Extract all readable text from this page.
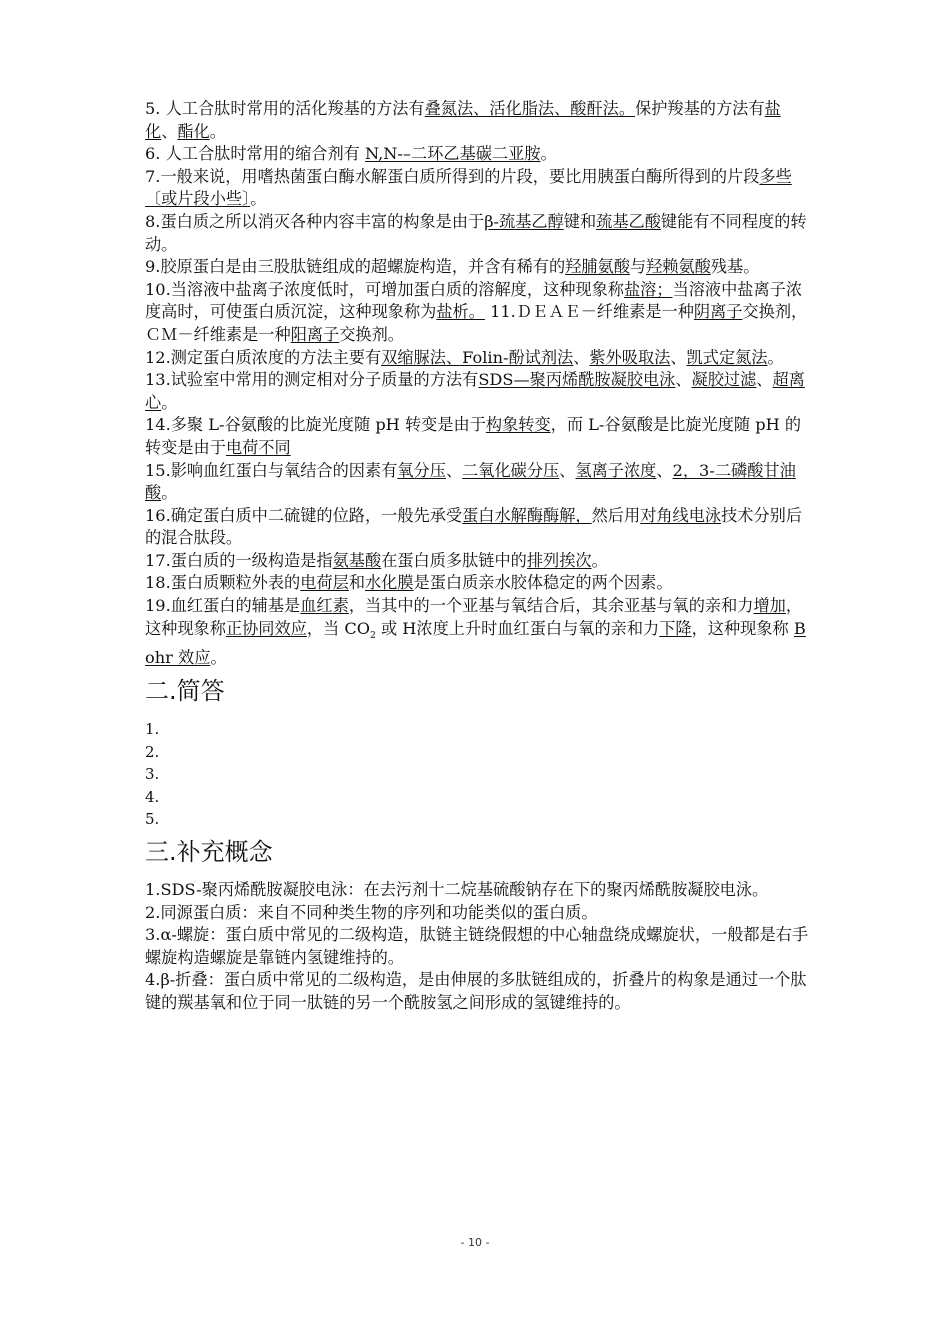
5. 人工合肽时常用的活化羧基的方法有叠氮法、活化脂法、酸酐法。保护羧基的方法有盐化、酯化。

6. 人工合肽时常用的缩合剂有 N,N-–二环乙基碳二亚胺。

7.一般来说，用嗜热菌蛋白酶水解蛋白质所得到的片段，要比用胰蛋白酶所得到的片段多些〔或片段小些〕。

8.蛋白质之所以消灭各种内容丰富的构象是由于β-巯基乙醇键和巯基乙酸键能有不同程度的转动。

9.胶原蛋白是由三股肽链组成的超螺旋构造，并含有稀有的羟脯氨酸与羟赖氨酸残基。

10.当溶液中盐离子浓度低时，可增加蛋白质的溶解度，这种现象称盐溶；当溶液中盐离子浓度高时，可使蛋白质沉淀，这种现象称为盐析。 11.ＤＥＡＥ－纤维素是一种阴离子交换剂，ＣＭ－纤维素是一种阳离子交换剂。

12.测定蛋白质浓度的方法主要有双缩脲法、Folin-酚试剂法、紫外吸取法、凯式定氮法。

13.试验室中常用的测定相对分子质量的方法有SDS—聚丙烯酰胺凝胶电泳、凝胶过滤、超离心。

14.多聚 L-谷氨酸的比旋光度随 pH 转变是由于构象转变，而 L-谷氨酸是比旋光度随 pH 的转变是由于电荷不同

15.影响血红蛋白与氧结合的因素有氧分压、二氧化碳分压、氢离子浓度、2，3-二磷酸甘油酸。

16.确定蛋白质中二硫键的位路，一般先承受蛋白水解酶酶解，然后用对角线电泳技术分别后的混合肽段。

17.蛋白质的一级构造是指氨基酸在蛋白质多肽链中的排列挨次。

18.蛋白质颗粒外表的电荷层和水化膜是蛋白质亲水胶体稳定的两个因素。

19.血红蛋白的辅基是血红素，当其中的一个亚基与氧结合后，其余亚基与氧的亲和力增加，这种现象称正协同效应，当 $CO_2$ 或 H浓度上升时血红蛋白与氧的亲和力下降，这种现象称 Bohr 效应。

二.简答

1.

2.

3.

4.

5.

三.补充概念

1.SDS-聚丙烯酰胺凝胶电泳：在去污剂十二烷基硫酸钠存在下的聚丙烯酰胺凝胶电泳。

2.同源蛋白质：来自不同种类生物的序列和功能类似的蛋白质。

3.α-螺旋：蛋白质中常见的二级构造，肽链主链绕假想的中心轴盘绕成螺旋状，一般都是右手螺旋构造螺旋是靠链内氢键维持的。

4.β-折叠：蛋白质中常见的二级构造，是由伸展的多肽链组成的，折叠片的构象是通过一个肽键的羰基氧和位于同一肽链的另一个酰胺氢之间形成的氢键维持的。

- 10 -
